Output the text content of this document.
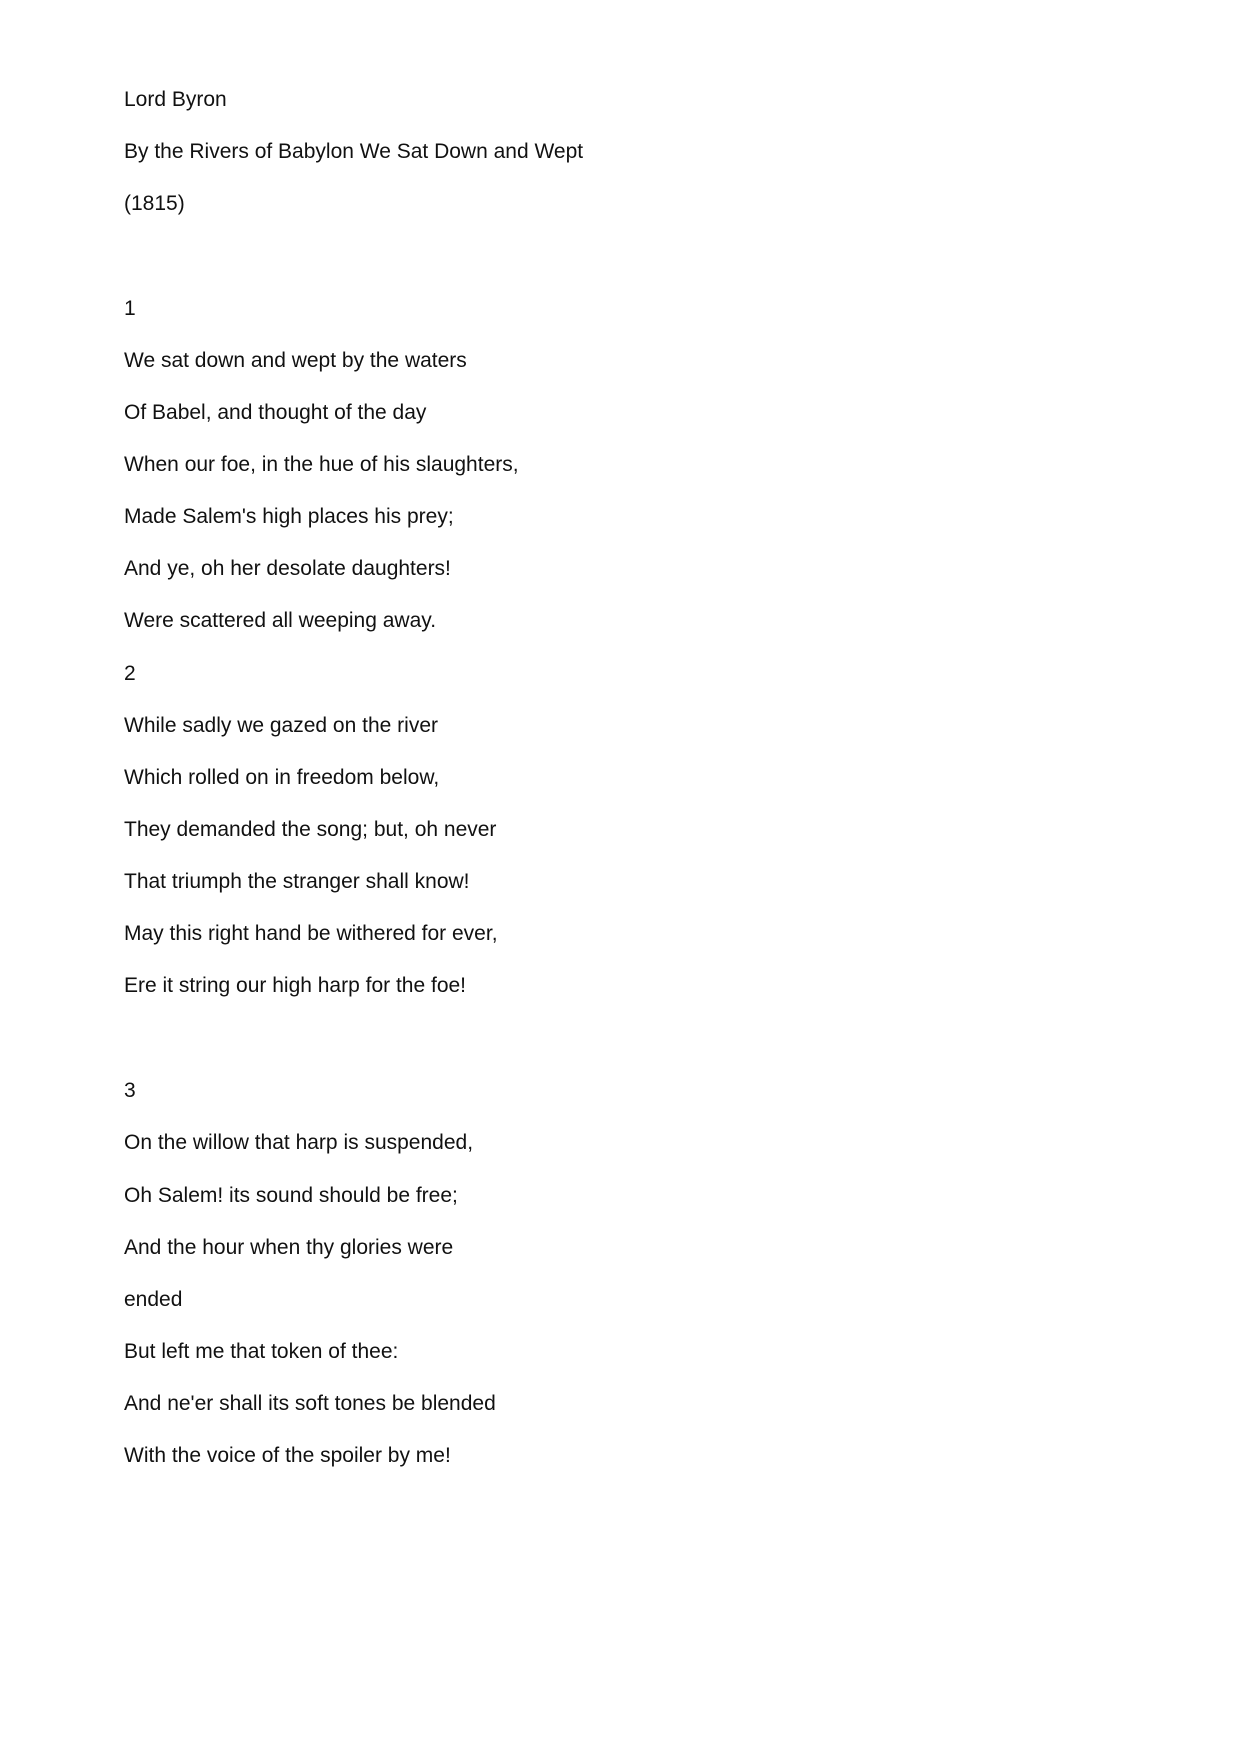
Lord Byron

By the Rivers of Babylon We Sat Down and Wept

(1815)

1

We sat down and wept by the waters

Of Babel, and thought of the day

When our foe, in the hue of his slaughters,

Made Salem's high places his prey;

And ye, oh her desolate daughters!

Were scattered all weeping away.

2

While sadly we gazed on the river

Which rolled on in freedom below,

They demanded the song; but, oh never

That triumph the stranger shall know!

May this right hand be withered for ever,

Ere it string our high harp for the foe!

3

On the willow that harp is suspended,

Oh Salem! its sound should be free;

And the hour when thy glories were

ended

But left me that token of thee:

And ne'er shall its soft tones be blended

With the voice of the spoiler by me!
